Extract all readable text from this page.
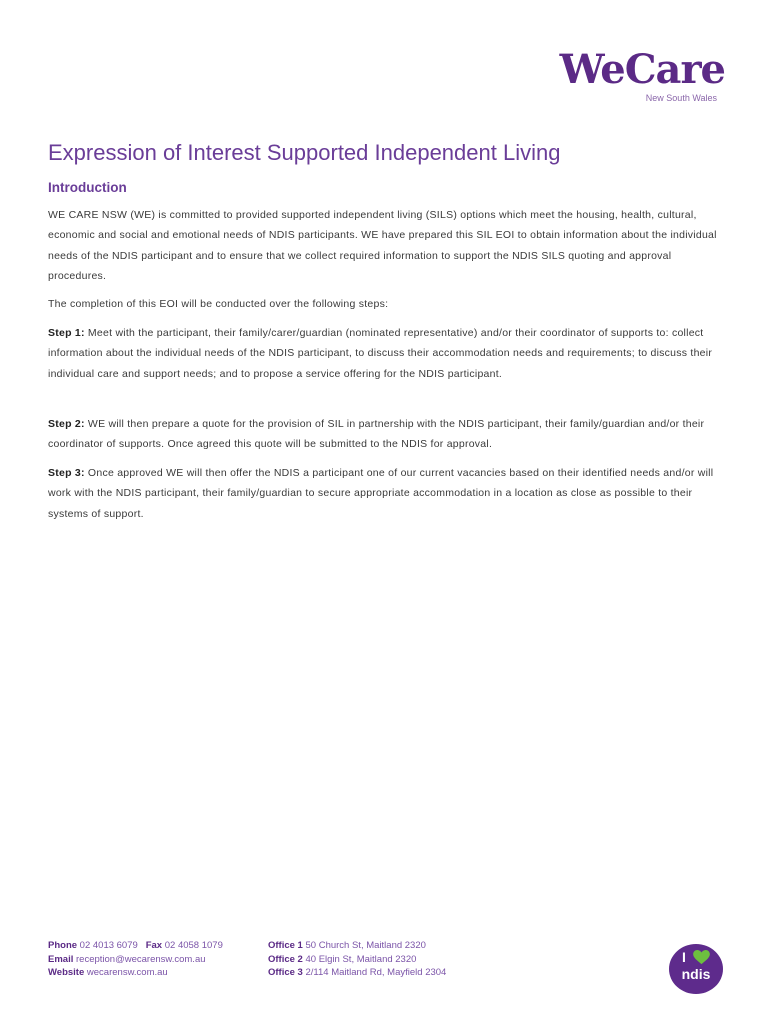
WeCare
New South Wales
Expression of Interest Supported Independent Living
Introduction

WE CARE NSW (WE) is committed to provided supported independent living (SILS) options which meet the housing, health, cultural, economic and social and emotional needs of NDIS participants. WE have prepared this SIL EOI to obtain information about the individual needs of the NDIS participant and to ensure that we collect required information to support the NDIS SILS quoting and approval procedures.

The completion of this EOI will be conducted over the following steps:

Step 1: Meet with the participant, their family/carer/guardian (nominated representative) and/or their coordinator of supports to: collect information about the individual needs of the NDIS participant, to discuss their accommodation needs and requirements; to discuss their individual care and support needs; and to propose a service offering for the NDIS participant.

Step 2: WE will then prepare a quote for the provision of SIL in partnership with the NDIS participant, their family/guardian and/or their coordinator of supports. Once agreed this quote will be submitted to the NDIS for approval.

Step 3: Once approved WE will then offer the NDIS a participant one of our current vacancies based on their identified needs and/or will work with the NDIS participant, their family/guardian to secure appropriate accommodation in a location as close as possible to their systems of support.

Phone 02 4013 6079 Fax 02 4058 1079
Email reception@wecarensw.com.au
Website wecarensw.com.au
Office 1 50 Church St, Maitland 2320
Office 2 40 Elgin St, Maitland 2320
Office 3 2/114 Maitland Rd, Mayfield 2304
I
ndis
